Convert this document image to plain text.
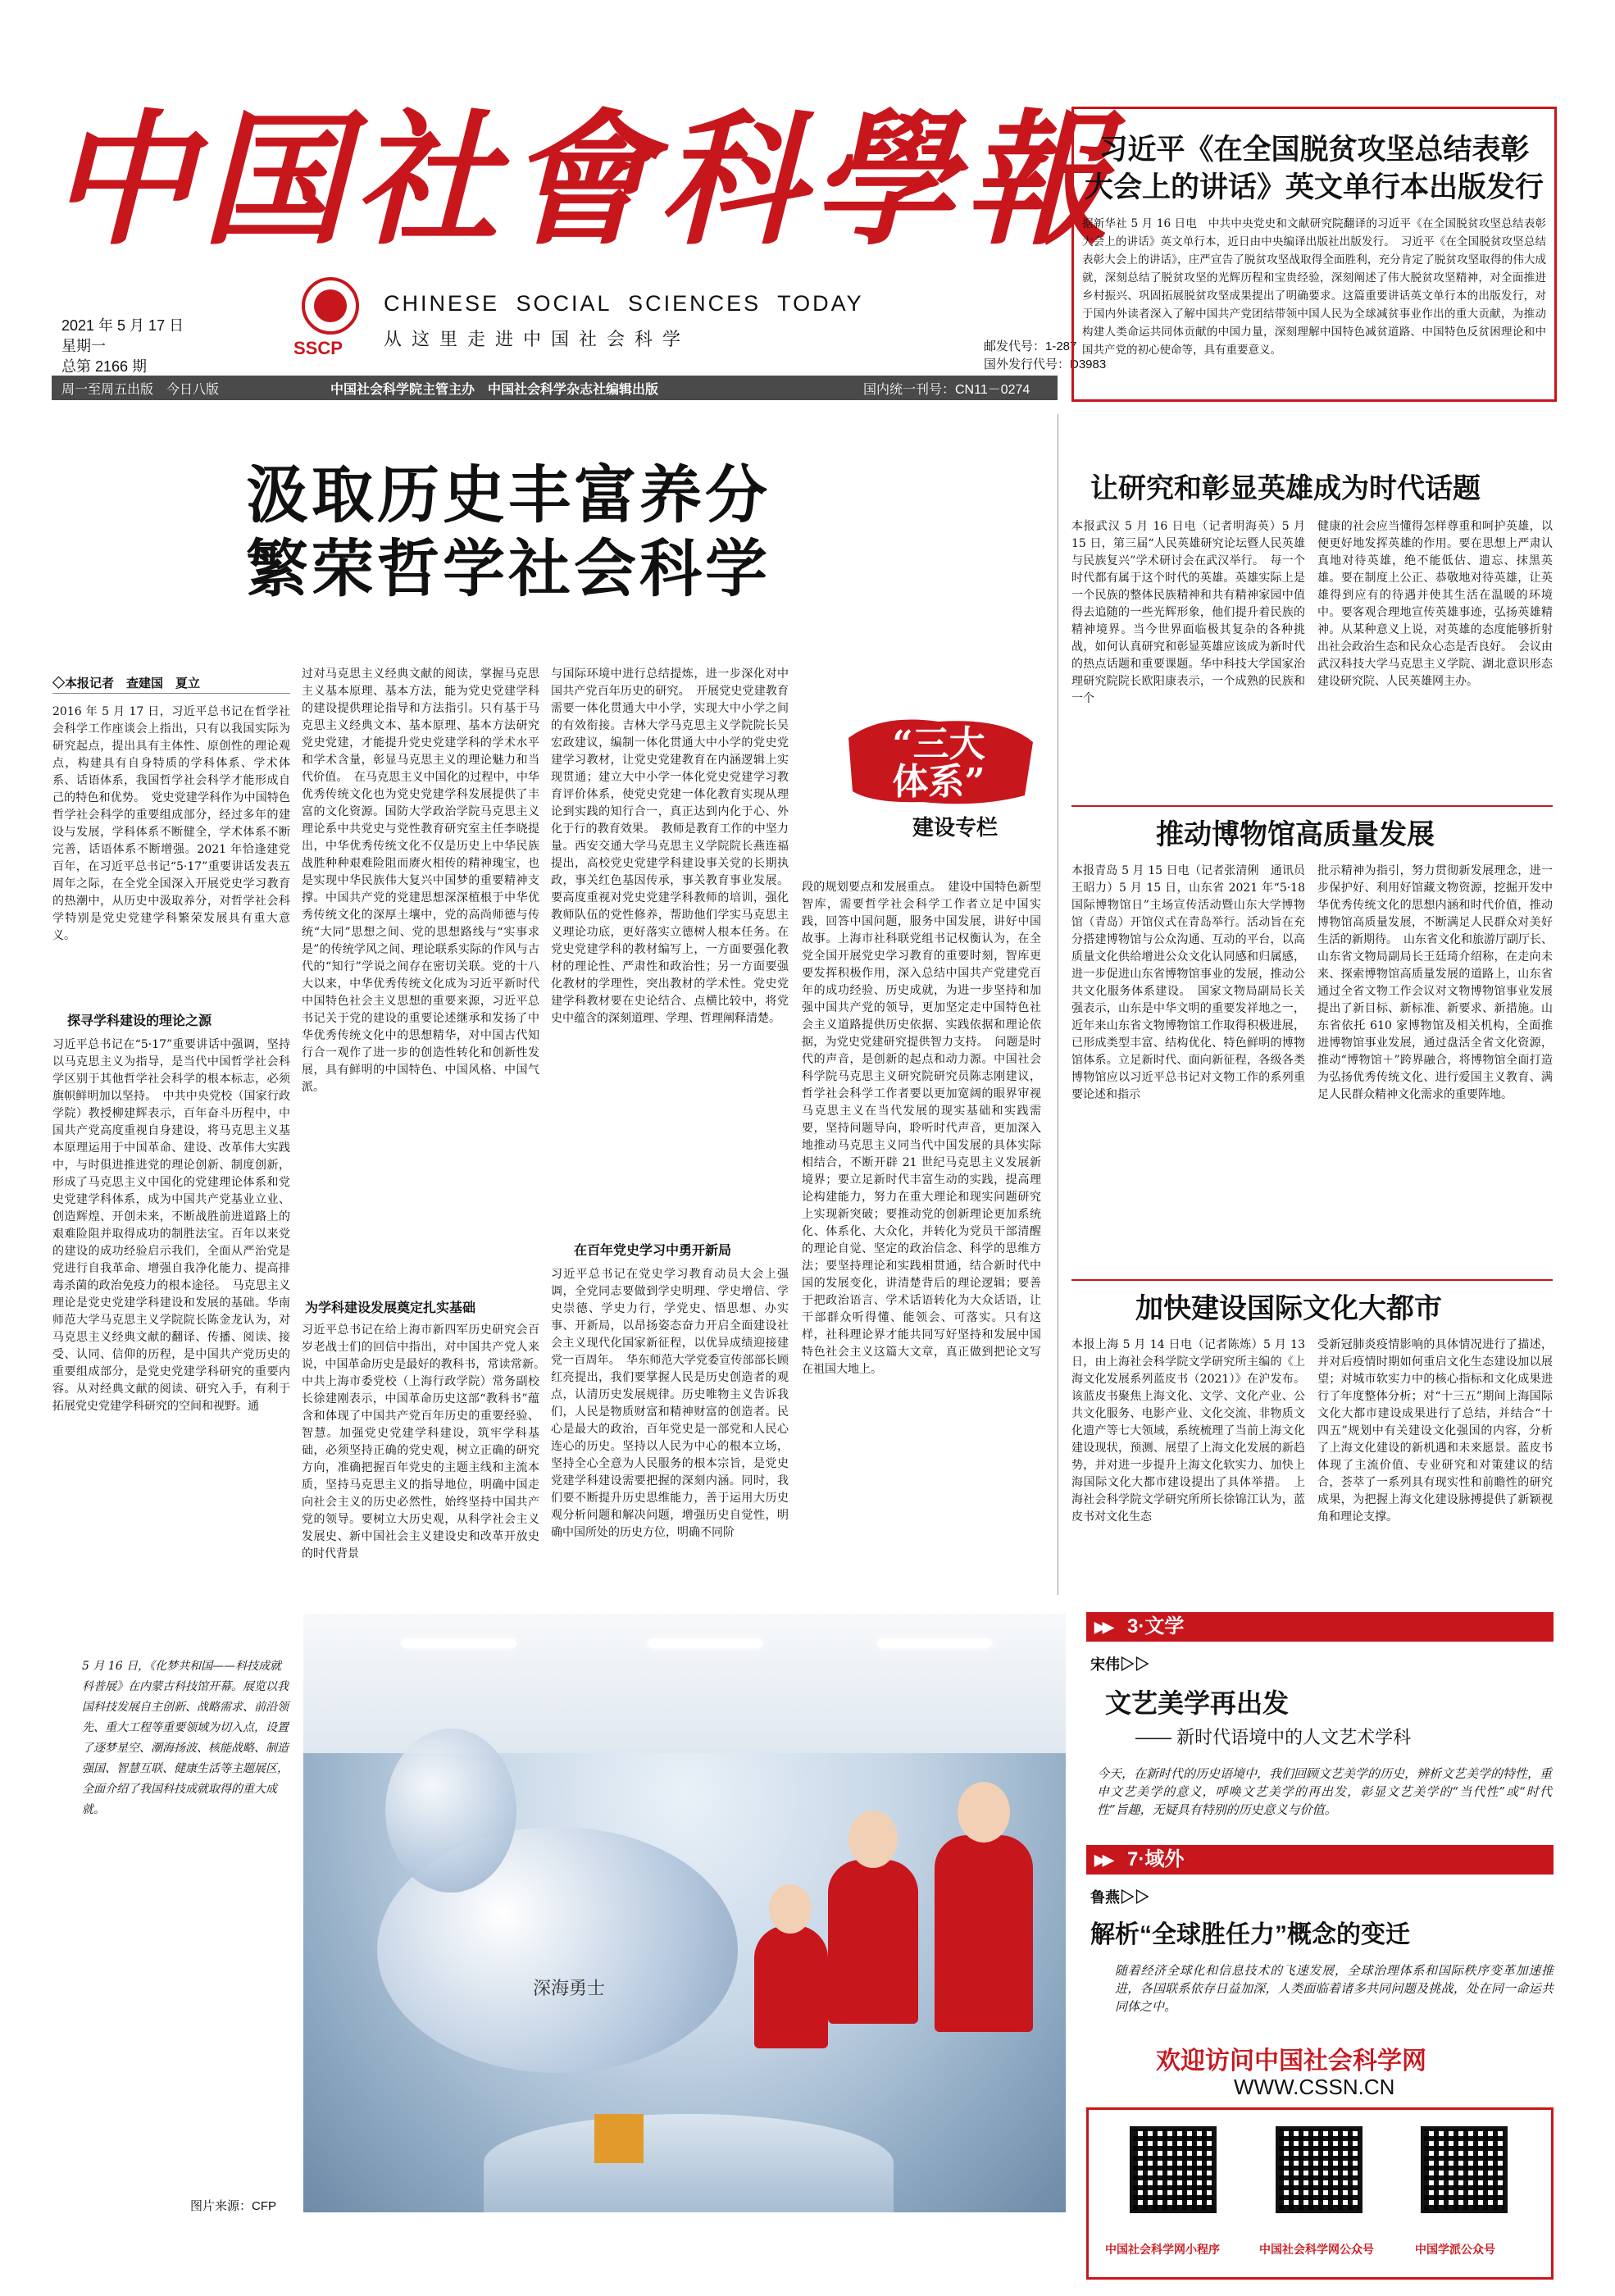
中国社會科學報
2021 年 5 月 17 日
星期一
总第 2166 期
SSCP
CHINESE SOCIAL SCIENCES TODAY
从这里走进中国社会科学	邮发代号：1-287
国外发行代号：D3983
周一至周五出版　今日八版	中国社会科学院主管主办　中国社会科学杂志社编辑出版	国内统一刊号：CN11－0274
习近平《在全国脱贫攻坚总结表彰
大会上的讲话》英文单行本出版发行
据新华社 5 月 16 日电　中共中央党史和文献研究院翻译的习近平《在全国脱贫攻坚总结表彰大会上的讲话》英文单行本，近日由中央编译出版社出版发行。　习近平《在全国脱贫攻坚总结表彰大会上的讲话》，庄严宣告了脱贫攻坚战取得全面胜利，充分肯定了脱贫攻坚取得的伟大成就，深刻总结了脱贫攻坚的光辉历程和宝贵经验，深刻阐述了伟大脱贫攻坚精神，对全面推进乡村振兴、巩固拓展脱贫攻坚成果提出了明确要求。这篇重要讲话英文单行本的出版发行，对于国内外读者深入了解中国共产党团结带领中国人民为全球减贫事业作出的重大贡献，为推动构建人类命运共同体贡献的中国力量，深刻理解中国特色减贫道路、中国特色反贫困理论和中国共产党的初心使命等，具有重要意义。
汲取历史丰富养分
繁荣哲学社会科学
“三大
体系”
建设专栏
◇本报记者　查建国　夏立
2016 年 5 月 17 日，习近平总书记在哲学社会科学工作座谈会上指出，只有以我国实际为研究起点，提出具有主体性、原创性的理论观点，构建具有自身特质的学科体系、学术体系、话语体系，我国哲学社会科学才能形成自己的特色和优势。　党史党建学科作为中国特色哲学社会科学的重要组成部分，经过多年的建设与发展，学科体系不断健全，学术体系不断完善，话语体系不断增强。2021 年恰逢建党百年，在习近平总书记“5·17”重要讲话发表五周年之际，在全党全国深入开展党史学习教育的热潮中，从历史中汲取养分，对哲学社会科学特别是党史党建学科繁荣发展具有重大意义。
探寻学科建设的理论之源
习近平总书记在“5·17”重要讲话中强调，坚持以马克思主义为指导，是当代中国哲学社会科学区别于其他哲学社会科学的根本标志，必须旗帜鲜明加以坚持。　中共中央党校（国家行政学院）教授柳建辉表示，百年奋斗历程中，中国共产党高度重视自身建设，将马克思主义基本原理运用于中国革命、建设、改革伟大实践中，与时俱进推进党的理论创新、制度创新，形成了马克思主义中国化的党建理论体系和党史党建学科体系，成为中国共产党基业立业、创造辉煌、开创未来，不断战胜前进道路上的艰难险阻并取得成功的制胜法宝。百年以来党的建设的成功经验启示我们，全面从严治党是党进行自我革命、增强自我净化能力、提高排毒杀菌的政治免疫力的根本途径。　马克思主义理论是党史党建学科建设和发展的基础。华南师范大学马克思主义学院院长陈金龙认为，对马克思主义经典文献的翻译、传播、阅读、接受、认同、信仰的历程，是中国共产党历史的重要组成部分，是党史党建学科研究的重要内容。从对经典文献的阅读、研究入手，有利于拓展党史党建学科研究的空间和视野。通
过对马克思主义经典文献的阅读，掌握马克思主义基本原理、基本方法，能为党史党建学科的建设提供理论指导和方法指引。只有基于马克思主义经典文本、基本原理、基本方法研究党史党建，才能提升党史党建学科的学术水平和学术含量，彰显马克思主义的理论魅力和当代价值。　在马克思主义中国化的过程中，中华优秀传统文化也为党史党建学科发展提供了丰富的文化资源。国防大学政治学院马克思主义理论系中共党史与党性教育研究室主任李晓提出，中华优秀传统文化不仅是历史上中华民族战胜种种艰难险阻而赓火相传的精神瑰宝，也是实现中华民族伟大复兴中国梦的重要精神支撑。中国共产党的党建思想深深植根于中华优秀传统文化的深厚土壤中，党的高尚师德与传统“大同”思想之间、党的思想路线与“实事求是”的传统学风之间、理论联系实际的作风与古代的“知行”学说之间存在密切关联。党的十八大以来，中华优秀传统文化成为习近平新时代中国特色社会主义思想的重要来源，习近平总书记关于党的建设的重要论述继承和发扬了中华优秀传统文化中的思想精华，对中国古代知行合一观作了进一步的创造性转化和创新性发展，具有鲜明的中国特色、中国风格、中国气派。
为学科建设发展奠定扎实基础
习近平总书记在给上海市新四军历史研究会百岁老战士们的回信中指出，对中国共产党人来说，中国革命历史是最好的教科书，常读常新。　中共上海市委党校（上海行政学院）常务副校长徐建刚表示，中国革命历史这部“教科书”蕴含和体现了中国共产党百年历史的重要经验、智慧。加强党史党建学科建设，筑牢学科基础，必须坚持正确的党史观，树立正确的研究方向，准确把握百年党史的主题主线和主流本质，坚持马克思主义的指导地位，明确中国走向社会主义的历史必然性，始终坚持中国共产党的领导。要树立大历史观，从科学社会主义发展史、新中国社会主义建设史和改革开放史的时代背景
与国际环境中进行总结提炼，进一步深化对中国共产党百年历史的研究。　开展党史党建教育需要一体化贯通大中小学，实现大中小学之间的有效衔接。吉林大学马克思主义学院院长吴宏政建议，编制一体化贯通大中小学的党史党建学习教材，让党史党建教育在内涵逻辑上实现贯通；建立大中小学一体化党史党建学习教育评价体系，使党史党建一体化教育实现从理论到实践的知行合一，真正达到内化于心、外化于行的教育效果。　教师是教育工作的中坚力量。西安交通大学马克思主义学院院长燕连福提出，高校党史党建学科建设事关党的长期执政，事关红色基因传承，事关教育事业发展。要高度重视对党史党建学科教师的培训，强化教师队伍的党性修养，帮助他们学实马克思主义理论功底，更好落实立德树人根本任务。在党史党建学科的教材编写上，一方面要强化教材的理论性、严肃性和政治性；另一方面要强化教材的学理性，突出教材的学术性。党史党建学科教材要在史论结合、点横比较中，将党史中蕴含的深刻道理、学理、哲理阐释清楚。
在百年党史学习中勇开新局
习近平总书记在党史学习教育动员大会上强调，全党同志要做到学史明理、学史增信、学史崇德、学史力行，学党史、悟思想、办实事、开新局，以昂扬姿态奋力开启全面建设社会主义现代化国家新征程，以优异成绩迎接建党一百周年。　华东师范大学党委宣传部部长顾红亮提出，我们要掌握人民是历史创造者的观点，认清历史发展规律。历史唯物主义告诉我们，人民是物质财富和精神财富的创造者。民心是最大的政治，百年党史是一部党和人民心连心的历史。坚持以人民为中心的根本立场，坚持全心全意为人民服务的根本宗旨，是党史党建学科建设需要把握的深刻内涵。同时，我们要不断提升历史思维能力，善于运用大历史观分析问题和解决问题，增强历史自觉性，明确中国所处的历史方位，明确不同阶
段的规划要点和发展重点。　建设中国特色新型智库，需要哲学社会科学工作者立足中国实践，回答中国问题，服务中国发展，讲好中国故事。上海市社科联党组书记权衡认为，在全党全国开展党史学习教育的重要时刻，智库更要发挥积极作用，深入总结中国共产党建党百年的成功经验、历史成就，为进一步坚持和加强中国共产党的领导，更加坚定走中国特色社会主义道路提供历史依据、实践依据和理论依据，为党史党建研究提供智力支持。　问题是时代的声音，是创新的起点和动力源。中国社会科学院马克思主义研究院研究员陈志刚建议，哲学社会科学工作者要以更加宽阔的眼界审视马克思主义在当代发展的现实基础和实践需要，坚持问题导向，聆听时代声音，更加深入地推动马克思主义同当代中国发展的具体实际相结合，不断开辟 21 世纪马克思主义发展新境界；要立足新时代丰富生动的实践，提高理论构建能力，努力在重大理论和现实问题研究上实现新突破；要推动党的创新理论更加系统化、体系化、大众化，并转化为党员干部清醒的理论自觉、坚定的政治信念、科学的思维方法；要坚持理论和实践相贯通，结合新时代中国的发展变化，讲清楚背后的理论逻辑；要善于把政治语言、学术话语转化为大众话语，让干部群众听得懂、能领会、可落实。只有这样，社科理论界才能共同写好坚持和发展中国特色社会主义这篇大文章，真正做到把论文写在祖国大地上。
让研究和彰显英雄成为时代话题
本报武汉 5 月 16 日电（记者明海英）5 月 15 日，第三届“人民英雄研究论坛暨人民英雄与民族复兴”学术研讨会在武汉举行。　每一个时代都有属于这个时代的英雄。英雄实际上是一个民族的整体民族精神和共有精神家园中值得去追随的一些光辉形象，他们提升着民族的精神境界。当今世界面临极其复杂的各种挑战，如何认真研究和彰显英雄应该成为新时代的热点话题和重要课题。华中科技大学国家治理研究院院长欧阳康表示，一个成熟的民族和一个
健康的社会应当懂得怎样尊重和呵护英雄，以便更好地发挥英雄的作用。要在思想上严肃认真地对待英雄，绝不能低估、遗忘、抹黑英雄。要在制度上公正、恭敬地对待英雄，让英雄得到应有的待遇并使其生活在温暖的环境中。要客观合理地宣传英雄事迹，弘扬英雄精神。从某种意义上说，对英雄的态度能够折射出社会政治生态和民众心态是否良好。　会议由武汉科技大学马克思主义学院、湖北意识形态建设研究院、人民英雄网主办。
推动博物馆高质量发展
本报青岛 5 月 15 日电（记者张清俐　通讯员王昭力）5 月 15 日，山东省 2021 年“5·18 国际博物馆日”主场宣传活动暨山东大学博物馆（青岛）开馆仪式在青岛举行。活动旨在充分搭建博物馆与公众沟通、互动的平台，以高质量文化供给增进公众文化认同感和归属感，进一步促进山东省博物馆事业的发展，推动公共文化服务体系建设。　国家文物局副局长关强表示，山东是中华文明的重要发祥地之一，近年来山东省文物博物馆工作取得积极进展，已形成类型丰富、结构优化、特色鲜明的博物馆体系。立足新时代、面向新征程，各级各类博物馆应以习近平总书记对文物工作的系列重要论述和指示
批示精神为指引，努力贯彻新发展理念，进一步保护好、利用好馆藏文物资源，挖掘开发中华优秀传统文化的思想内涵和时代价值，推动博物馆高质量发展，不断满足人民群众对美好生活的新期待。　山东省文化和旅游厅副厅长、山东省文物局副局长王廷琦介绍称，在走向未来、探索博物馆高质量发展的道路上，山东省通过全省文物工作会议对文物博物馆事业发展提出了新目标、新标准、新要求、新措施。山东省依托 610 家博物馆及相关机构，全面推进博物馆事业发展，通过盘活全省文化资源，推动“博物馆＋”跨界融合，将博物馆全面打造为弘扬优秀传统文化、进行爱国主义教育、满足人民群众精神文化需求的重要阵地。
加快建设国际文化大都市
本报上海 5 月 14 日电（记者陈炼）5 月 13 日，由上海社会科学院文学研究所主编的《上海文化发展系列蓝皮书（2021）》在沪发布。该蓝皮书聚焦上海文化、文学、文化产业、公共文化服务、电影产业、文化交流、非物质文化遗产等七大领域，系统梳理了当前上海文化建设现状，预测、展望了上海文化发展的新趋势，并对进一步提升上海文化软实力、加快上海国际文化大都市建设提出了具体举措。　上海社会科学院文学研究所所长徐锦江认为，蓝皮书对文化生态
受新冠肺炎疫情影响的具体情况进行了描述，并对后疫情时期如何重启文化生态建设加以展望；对城市软实力中的核心指标和文化成果进行了年度整体分析；对“十三五”期间上海国际文化大都市建设成果进行了总结，并结合“十四五”规划中有关建设文化强国的内容，分析了上海文化建设的新机遇和未来愿景。蓝皮书体现了主流价值、专业研究和对策建议的结合，荟萃了一系列具有现实性和前瞻性的研究成果，为把握上海文化建设脉搏提供了新颖视角和理论支撑。
深海勇士
5 月 16 日，《化梦共和国——科技成就科普展》在内蒙古科技馆开幕。展览以我国科技发展自主创新、战略需求、前沿领先、重大工程等重要领域为切入点，设置了逐梦星空、潮海扬波、核能战略、制造强国、智慧互联、健康生活等主题展区，全面介绍了我国科技成就取得的重大成就。
图片来源：CFP
▶▶ 3·文学
宋伟▷▷
文艺美学再出发
—— 新时代语境中的人文艺术学科
今天，在新时代的历史语境中，我们回顾文艺美学的历史，辨析文艺美学的特性，重申文艺美学的意义，呼唤文艺美学的再出发，彰显文艺美学的“当代性”或“时代性”旨趣，无疑具有特别的历史意义与价值。
▶▶ 7·域外
鲁燕▷▷
解析“全球胜任力”概念的变迁
随着经济全球化和信息技术的飞速发展，全球治理体系和国际秩序变革加速推进，各国联系依存日益加深，人类面临着诸多共同问题及挑战，处在同一命运共同体之中。
欢迎访问中国社会科学网
WWW.CSSN.CN
中国社会科学网小程序	中国社会科学网公众号	中国学派公众号
